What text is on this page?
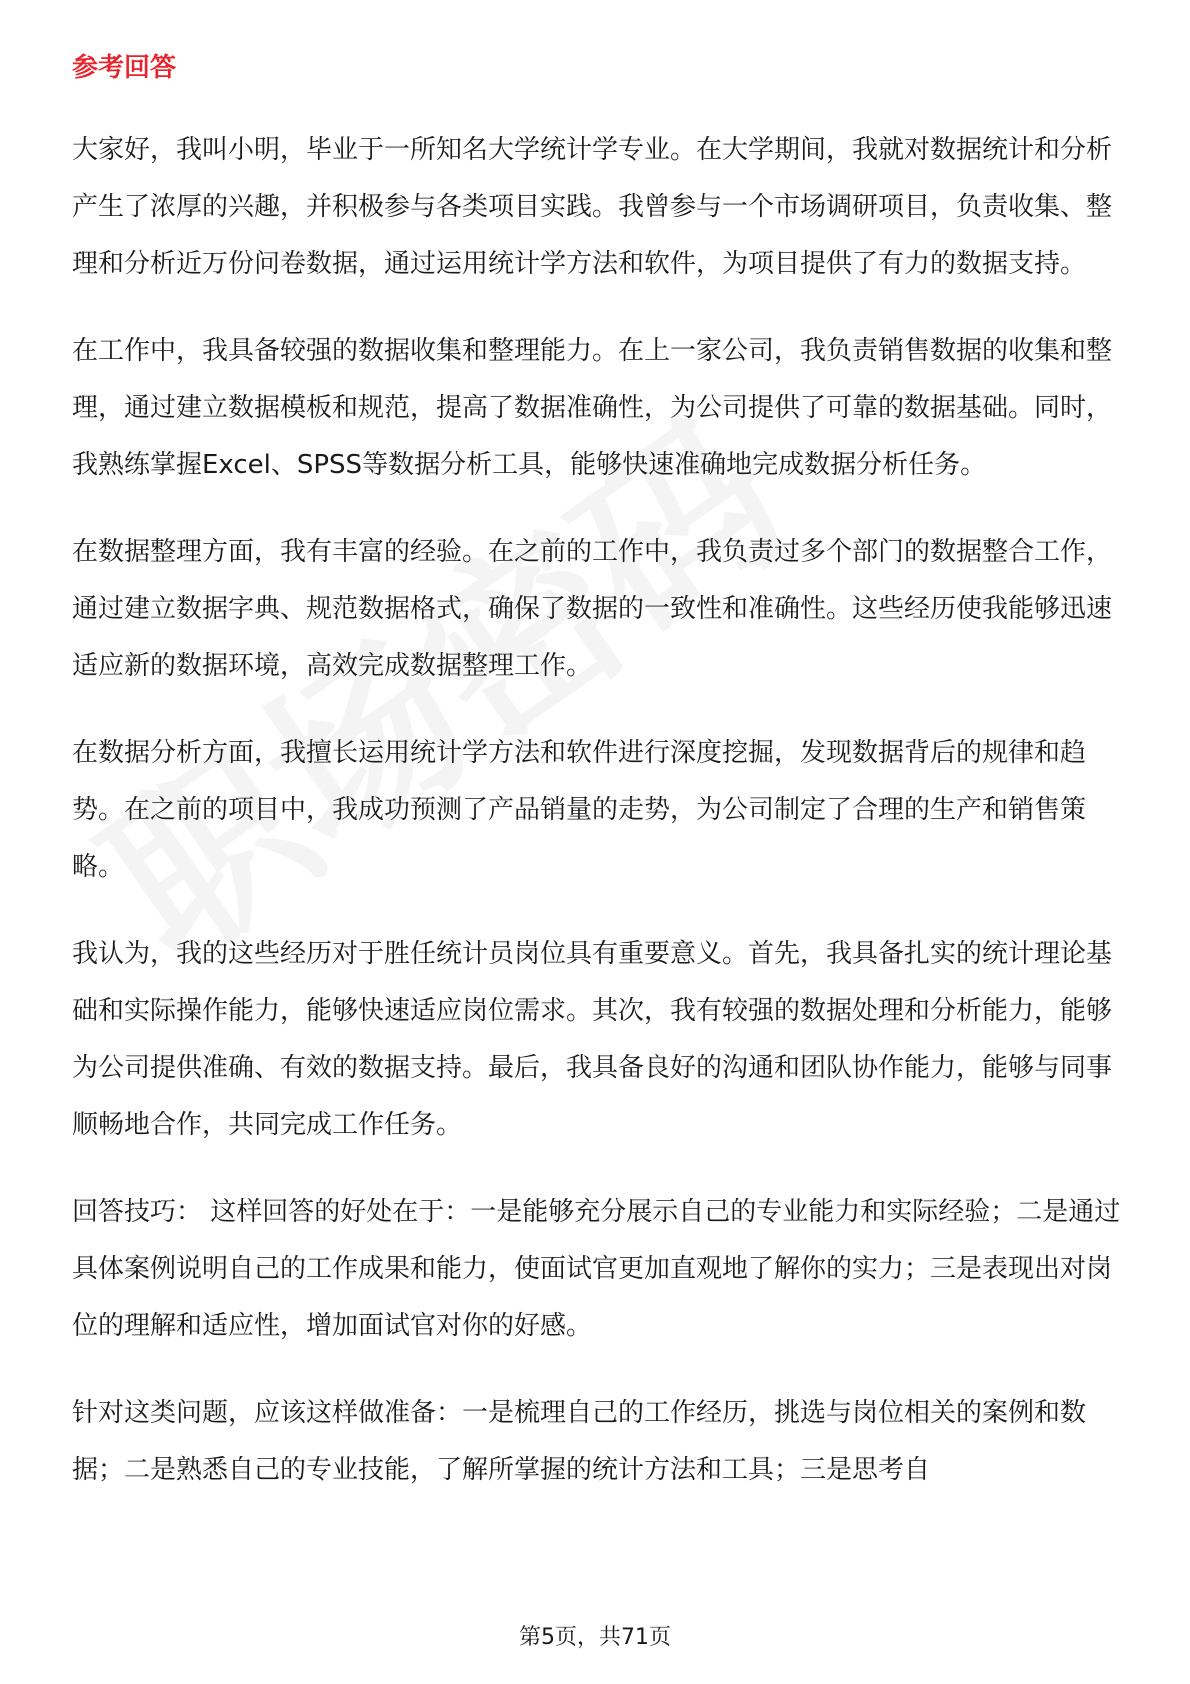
参考回答

大家好，我叫小明，毕业于一所知名大学统计学专业。在大学期间，我就对数据统计和分析产生了浓厚的兴趣，并积极参与各类项目实践。我曾参与一个市场调研项目，负责收集、整理和分析近万份问卷数据，通过运用统计学方法和软件，为项目提供了有力的数据支持。

在工作中，我具备较强的数据收集和整理能力。在上一家公司，我负责销售数据的收集和整理，通过建立数据模板和规范，提高了数据准确性，为公司提供了可靠的数据基础。同时，我熟练掌握Excel、SPSS等数据分析工具，能够快速准确地完成数据分析任务。

在数据整理方面，我有丰富的经验。在之前的工作中，我负责过多个部门的数据整合工作，通过建立数据字典、规范数据格式，确保了数据的一致性和准确性。这些经历使我能够迅速适应新的数据环境，高效完成数据整理工作。

在数据分析方面，我擅长运用统计学方法和软件进行深度挖掘，发现数据背后的规律和趋势。在之前的项目中，我成功预测了产品销量的走势，为公司制定了合理的生产和销售策略。

我认为，我的这些经历对于胜任统计员岗位具有重要意义。首先，我具备扎实的统计理论基础和实际操作能力，能够快速适应岗位需求。其次，我有较强的数据处理和分析能力，能够为公司提供准确、有效的数据支持。最后，我具备良好的沟通和团队协作能力，能够与同事顺畅地合作，共同完成工作任务。

回答技巧： 这样回答的好处在于：一是能够充分展示自己的专业能力和实际经验；二是通过具体案例说明自己的工作成果和能力，使面试官更加直观地了解你的实力；三是表现出对岗位的理解和适应性，增加面试官对你的好感。

针对这类问题，应该这样做准备：一是梳理自己的工作经历，挑选与岗位相关的案例和数据；二是熟悉自己的专业技能，了解所掌握的统计方法和工具；三是思考自

第5页，共71页
